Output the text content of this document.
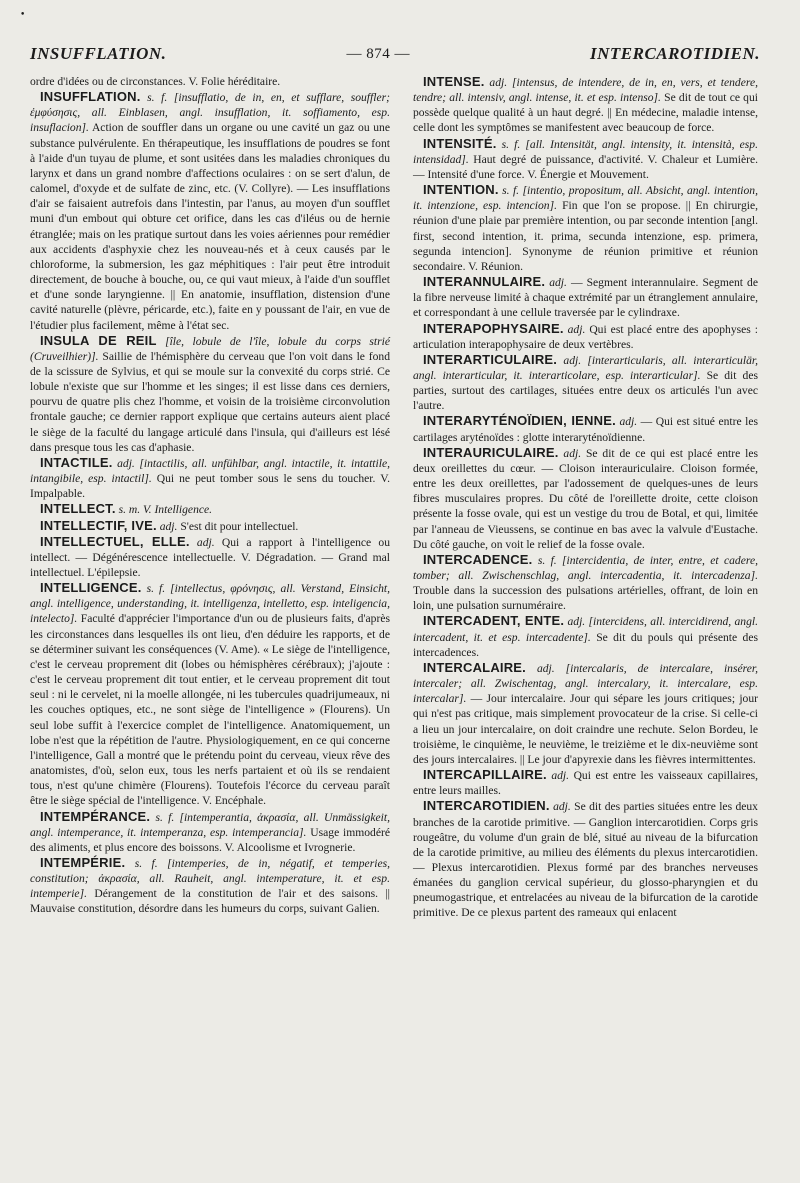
•
INSUFFLATION.	— 874 —	INTERCAROTIDIEN.

ordre d'idées ou de circonstances. V. Folie héréditaire.

INSUFFLATION. s. f. [insufflatio, de in, en, et sufflare, souffler; ἐμφύσησις, all. Einblasen, angl. insufflation, it. soffiamento, esp. insuflacion]. Action de souffler dans un organe ou une cavité un gaz ou une substance pulvérulente. En thérapeutique, les insufflations de poudres se font à l'aide d'un tuyau de plume, et sont usitées dans les maladies chroniques du larynx et dans un grand nombre d'affections oculaires : on se sert d'alun, de calomel, d'oxyde et de sulfate de zinc, etc. (V. Collyre). — Les insufflations d'air se faisaient autrefois dans l'intestin, par l'anus, au moyen d'un soufflet muni d'un embout qui obture cet orifice, dans les cas d'iléus ou de hernie étranglée; mais on les pratique surtout dans les voies aériennes pour remédier aux accidents d'asphyxie chez les nouveau-nés et à ceux causés par le chloroforme, la submersion, les gaz méphitiques : l'air peut être introduit directement, de bouche à bouche, ou, ce qui vaut mieux, à l'aide d'un soufflet et d'une sonde laryngienne. || En anatomie, insufflation, distension d'une cavité naturelle (plèvre, péricarde, etc.), faite en y poussant de l'air, en vue de l'étudier plus facilement, même à l'état sec.

INSULA DE REIL [île, lobule de l'île, lobule du corps strié (Cruveilhier)]. Saillie de l'hémisphère du cerveau que l'on voit dans le fond de la scissure de Sylvius, et qui se moule sur la convexité du corps strié. Ce lobule n'existe que sur l'homme et les singes; il est lisse dans ces derniers, pourvu de quatre plis chez l'homme, et voisin de la troisième circonvolution frontale gauche; ce dernier rapport explique que certains auteurs aient placé le siège de la faculté du langage articulé dans l'insula, qui d'ailleurs est lésé dans presque tous les cas d'aphasie.

INTACTILE. adj. [intactilis, all. unfühlbar, angl. intactile, it. intattile, intangibile, esp. intactil]. Qui ne peut tomber sous le sens du toucher. V. Impalpable.

INTELLECT. s. m. V. Intelligence.

INTELLECTIF, IVE. adj. S'est dit pour intellectuel.

INTELLECTUEL, ELLE. adj. Qui a rapport à l'intelligence ou intellect. — Dégénérescence intellectuelle. V. Dégradation. — Grand mal intellectuel. L'épilepsie.

INTELLIGENCE. s. f. [intellectus, φρόνησις, all. Verstand, Einsicht, angl. intelligence, understanding, it. intelligenza, intelletto, esp. inteligencia, intelecto]. Faculté d'apprécier l'importance d'un ou de plusieurs faits, d'après les circonstances dans lesquelles ils ont lieu, d'en déduire les rapports, et de se déterminer suivant les conséquences (V. Ame). « Le siège de l'intelligence, c'est le cerveau proprement dit (lobes ou hémisphères cérébraux); j'ajoute : c'est le cerveau proprement dit tout entier, et le cerveau proprement dit tout seul : ni le cervelet, ni la moelle allongée, ni les tubercules quadrijumeaux, ni les couches optiques, etc., ne sont siège de l'intelligence » (Flourens). Un seul lobe suffit à l'exercice complet de l'intelligence. Anatomiquement, un lobe n'est que la répétition de l'autre. Physiologiquement, en ce qui concerne l'intelligence, Gall a montré que le prétendu point du cerveau, vieux rêve des anatomistes, d'où, selon eux, tous les nerfs partaient et où ils se rendaient tous, n'est qu'une chimère (Flourens). Toutefois l'écorce du cerveau paraît être le siège spécial de l'intelligence. V. Encéphale.

INTEMPÉRANCE. s. f. [intemperantia, ἀκρασία, all. Unmässigkeit, angl. intemperance, it. intemperanza, esp. intemperancia]. Usage immodéré des aliments, et plus encore des boissons. V. Alcoolisme et Ivrognerie.

INTEMPÉRIE. s. f. [intemperies, de in, négatif, et temperies, constitution; ἀκρασία, all. Rauheit, angl. intemperature, it. et esp. intemperie]. Dérangement de la constitution de l'air et des saisons. || Mauvaise constitution, désordre dans les humeurs du corps, suivant Galien.

INTENSE. adj. [intensus, de intendere, de in, en, vers, et tendere, tendre; all. intensiv, angl. intense, it. et esp. intenso]. Se dit de tout ce qui possède quelque qualité à un haut degré. || En médecine, maladie intense, celle dont les symptômes se manifestent avec beaucoup de force.

INTENSITÉ. s. f. [all. Intensität, angl. intensity, it. intensità, esp. intensidad]. Haut degré de puissance, d'activité. V. Chaleur et Lumière. — Intensité d'une force. V. Énergie et Mouvement.

INTENTION. s. f. [intentio, propositum, all. Absicht, angl. intention, it. intenzione, esp. intencion]. Fin que l'on se propose. || En chirurgie, réunion d'une plaie par première intention, ou par seconde intention [angl. first, second intention, it. prima, secunda intenzione, esp. primera, segunda intencion]. Synonyme de réunion primitive et réunion secondaire. V. Réunion.

INTERANNULAIRE. adj. — Segment interannulaire. Segment de la fibre nerveuse limité à chaque extrémité par un étranglement annulaire, et correspondant à une cellule traversée par le cylindraxe.

INTERAPOPHYSAIRE. adj. Qui est placé entre des apophyses : articulation interapophysaire de deux vertèbres.

INTERARTICULAIRE. adj. [interarticularis, all. interarticulär, angl. interarticular, it. interarticolare, esp. interarticular]. Se dit des parties, surtout des cartilages, situées entre deux os articulés l'un avec l'autre.

INTERARYTÉNOÏDIEN, IENNE. adj. — Qui est situé entre les cartilages aryténoïdes : glotte interaryténoïdienne.

INTERAURICULAIRE. adj. Se dit de ce qui est placé entre les deux oreillettes du cœur. — Cloison interauriculaire. Cloison formée, entre les deux oreillettes, par l'adossement de quelques-unes de leurs fibres musculaires propres. Du côté de l'oreillette droite, cette cloison présente la fosse ovale, qui est un vestige du trou de Botal, et qui, limitée par l'anneau de Vieussens, se continue en bas avec la valvule d'Eustache. Du côté gauche, on voit le relief de la fosse ovale.

INTERCADENCE. s. f. [intercidentia, de inter, entre, et cadere, tomber; all. Zwischenschlag, angl. intercadentia, it. intercadenza]. Trouble dans la succession des pulsations artérielles, offrant, de loin en loin, une pulsation surnuméraire.

INTERCADENT, ENTE. adj. [intercidens, all. intercidirend, angl. intercadent, it. et esp. intercadente]. Se dit du pouls qui présente des intercadences.

INTERCALAIRE. adj. [intercalaris, de intercalare, insérer, intercaler; all. Zwischentag, angl. intercalary, it. intercalare, esp. intercalar]. — Jour intercalaire. Jour qui sépare les jours critiques; jour qui n'est pas critique, mais simplement provocateur de la crise. Si celle-ci a lieu un jour intercalaire, on doit craindre une rechute. Selon Bordeu, le troisième, le cinquième, le neuvième, le treizième et le dix-neuvième sont des jours intercalaires. || Le jour d'apyrexie dans les fièvres intermittentes.

INTERCAPILLAIRE. adj. Qui est entre les vaisseaux capillaires, entre leurs mailles.

INTERCAROTIDIEN. adj. Se dit des parties situées entre les deux branches de la carotide primitive. — Ganglion intercarotidien. Corps gris rougeâtre, du volume d'un grain de blé, situé au niveau de la bifurcation de la carotide primitive, au milieu des éléments du plexus intercarotidien. — Plexus intercarotidien. Plexus formé par des branches nerveuses émanées du ganglion cervical supérieur, du glosso-pharyngien et du pneumogastrique, et entrelacées au niveau de la bifurcation de la carotide primitive. De ce plexus partent des rameaux qui enlacent
